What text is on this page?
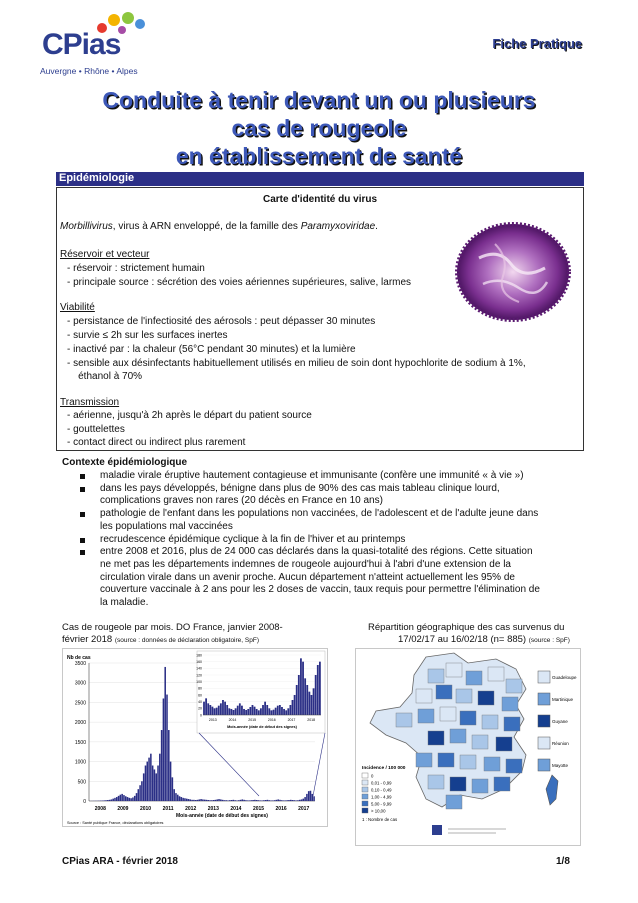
CPias
Auvergne • Rhône • Alpes
Fiche Pratique
Conduite à tenir devant un ou plusieurs
cas de rougeole
en établissement de santé
Epidémiologie
Carte d'identité du virus
Morbillivirus, virus à ARN enveloppé, de la famille des Paramyxoviridae.
Réservoir et vecteur
- réservoir : strictement humain
- principale source : sécrétion des voies aériennes supérieures, salive, larmes
Viabilité
- persistance de l'infectiosité des aérosols : peut dépasser 30 minutes
- survie ≤ 2h sur les surfaces inertes
- inactivé par : la chaleur (56°C pendant 30 minutes) et la lumière
- sensible aux désinfectants habituellement utilisés en milieu de soin dont hypochlorite de sodium à 1%,
éthanol à 70%
Transmission
- aérienne, jusqu'à 2h après le départ du patient source
- gouttelettes
- contact direct ou indirect plus rarement
Contexte épidémiologique
maladie virale éruptive hautement contagieuse et immunisante (confère une immunité « à vie »)
dans les pays développés, bénigne dans plus de 90% des cas mais tableau clinique lourd,
complications graves non rares (20 décès en France en 10 ans)
pathologie de l'enfant dans les populations non vaccinées, de l'adolescent et de l'adulte jeune dans
les populations mal vaccinées
recrudescence épidémique cyclique à la fin de l'hiver et au printemps
entre 2008 et 2016, plus de 24 000 cas déclarés dans la quasi-totalité des régions. Cette situation
ne met pas les départements indemnes de rougeole aujourd'hui à l'abri d'une extension de la
circulation virale dans un avenir proche. Aucun département n'atteint actuellement les 95% de
couverture vaccinale à 2 ans pour les 2 doses de vaccin, taux requis pour permettre l'élimination de
la maladie.
Cas de rougeole par mois. DO France, janvier 2008-
février 2018 (source : données de déclaration obligatoire, SpF)
Répartition géographique des cas survenus du
17/02/17 au 16/02/18 (n= 885) (source : SpF)
Nb de cas
0
500
1000
1500
2000
2500
3000
3500
2008 2009 2010 2011 2012 2013 2014 2015 2016 2017
Mois-année (date de début des signes)
Source : Santé publique France, déclarations obligatoires
0
20
40
60
80
100
120
140
160
180
2013	2014	2015	2016	2017	2018
Mois-année (date de début des signes)
Guadeloupe
Martinique
Guyane
Réunion
Mayotte
Incidence / 100 000
0
0,01 - 0,99
0,10 - 0,49
1,00 - 4,99
5,00 - 9,99
> 10,00
1 : Nombre de cas
CPias ARA - février 2018	1/8
